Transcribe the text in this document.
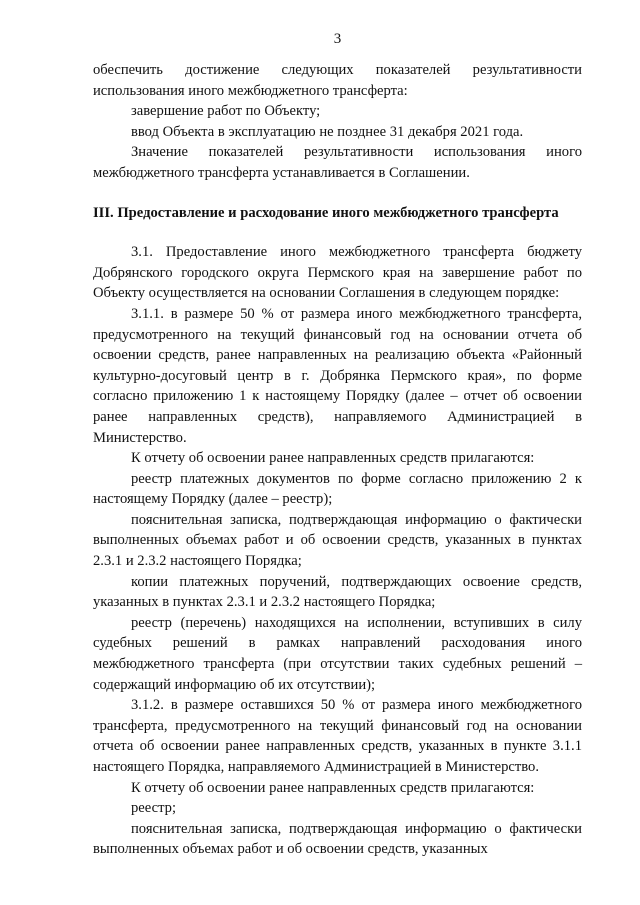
3

обеспечить достижение следующих показателей результативности использования иного межбюджетного трансферта:

завершение работ по Объекту;

ввод Объекта в эксплуатацию не позднее 31 декабря 2021 года.

Значение показателей результативности использования иного межбюджетного трансферта устанавливается в Соглашении.

III. Предоставление и расходование иного межбюджетного трансферта

3.1. Предоставление иного межбюджетного трансферта бюджету Добрянского городского округа Пермского края на завершение работ по Объекту осуществляется на основании Соглашения в следующем порядке:

3.1.1. в размере 50 % от размера иного межбюджетного трансферта, предусмотренного на текущий финансовый год на основании отчета об освоении средств, ранее направленных на реализацию объекта «Районный культурно-досуговый центр в г. Добрянка Пермского края», по форме согласно приложению 1 к настоящему Порядку (далее – отчет об освоении ранее направленных средств), направляемого Администрацией в Министерство.

К отчету об освоении ранее направленных средств прилагаются:

реестр платежных документов по форме согласно приложению 2 к настоящему Порядку (далее – реестр);

пояснительная записка, подтверждающая информацию о фактически выполненных объемах работ и об освоении средств, указанных в пунктах 2.3.1 и 2.3.2 настоящего Порядка;

копии платежных поручений, подтверждающих освоение средств, указанных в пунктах 2.3.1 и 2.3.2 настоящего Порядка;

реестр (перечень) находящихся на исполнении, вступивших в силу судебных решений в рамках направлений расходования иного межбюджетного трансферта (при отсутствии таких судебных решений – содержащий информацию об их отсутствии);

3.1.2. в размере оставшихся 50 % от размера иного межбюджетного трансферта, предусмотренного на текущий финансовый год на основании отчета об освоении ранее направленных средств, указанных в пункте 3.1.1 настоящего Порядка, направляемого Администрацией в Министерство.

К отчету об освоении ранее направленных средств прилагаются:

реестр;

пояснительная записка, подтверждающая информацию о фактически выполненных объемах работ и об освоении средств, указанных
